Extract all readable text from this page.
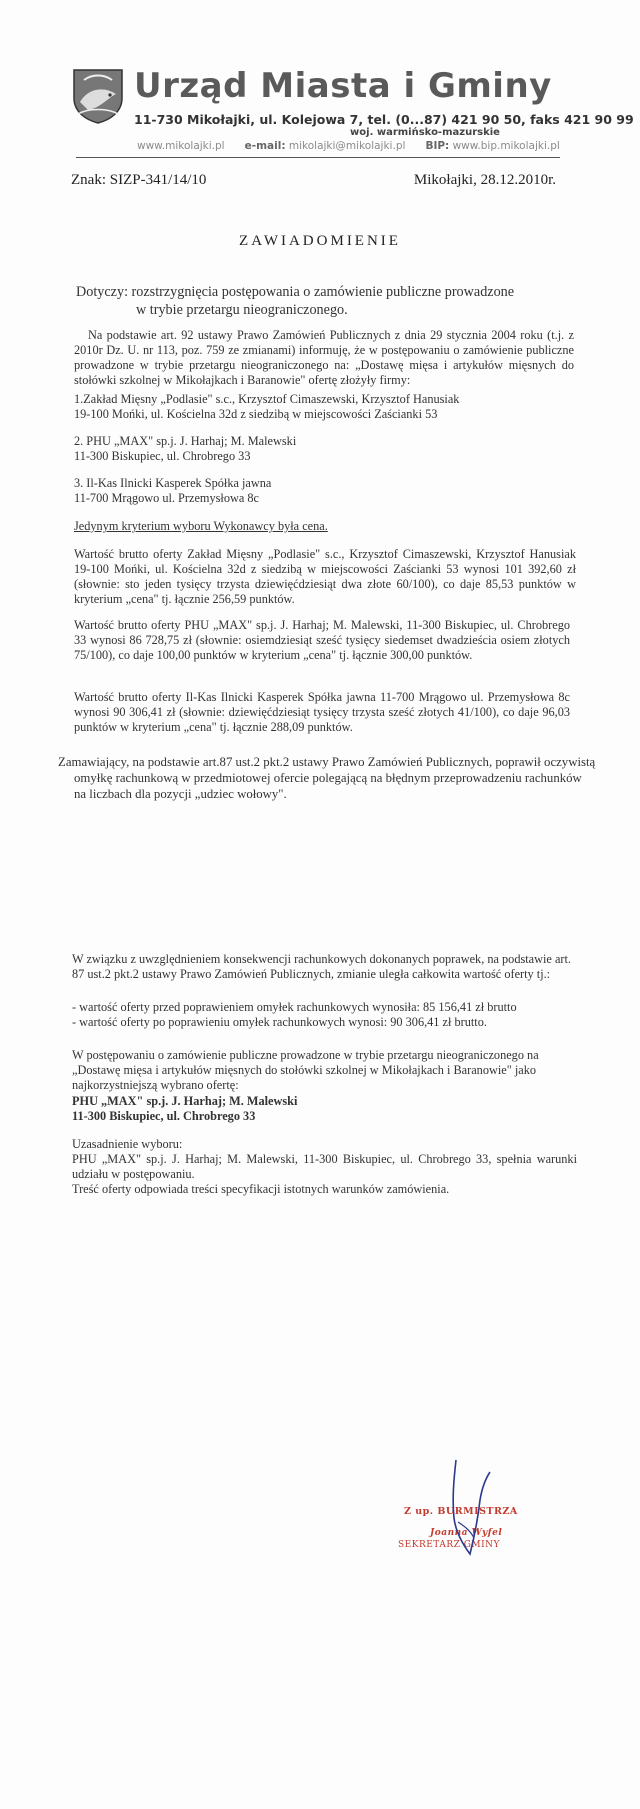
Urząd Miasta i Gminy
11-730 Mikołajki, ul. Kolejowa 7, tel. (0...87) 421 90 50, faks 421 90 99
woj. warmińsko-mazurskie
www.mikolajki.pl e-mail: mikolajki@mikolajki.pl BIP: www.bip.mikolajki.pl
Znak: SIZP-341/14/10	Mikołajki, 28.12.2010r.
ZAWIADOMIENIE
Dotyczy: rozstrzygnięcia postępowania o zamówienie publiczne prowadzone
w trybie przetargu nieograniczonego.

Na podstawie art. 92 ustawy Prawo Zamówień Publicznych z dnia 29 stycznia 2004 roku (t.j. z 2010r Dz. U. nr 113, poz. 759 ze zmianami) informuję, że w postępowaniu o zamówienie publiczne prowadzone w trybie przetargu nieograniczonego na: „Dostawę mięsa i artykułów mięsnych do stołówki szkolnej w Mikołajkach i Baranowie" ofertę złożyły firmy:

1.Zakład Mięsny „Podlasie" s.c., Krzysztof Cimaszewski, Krzysztof Hanusiak
19-100 Mońki, ul. Kościelna 32d z siedzibą w miejscowości Zaścianki 53
2. PHU „MAX" sp.j. J. Harhaj; M. Malewski
11-300 Biskupiec, ul. Chrobrego 33
3. Il-Kas Ilnicki Kasperek Spółka jawna
11-700 Mrągowo ul. Przemysłowa 8c
Jedynym kryterium wyboru Wykonawcy była cena.

Wartość brutto oferty Zakład Mięsny „Podlasie" s.c., Krzysztof Cimaszewski, Krzysztof Hanusiak 19-100 Mońki, ul. Kościelna 32d z siedzibą w miejscowości Zaścianki 53 wynosi 101 392,60 zł (słownie: sto jeden tysięcy trzysta dziewięćdziesiąt dwa złote 60/100), co daje 85,53 punktów w kryterium „cena" tj. łącznie 256,59 punktów.

Wartość brutto oferty PHU „MAX" sp.j. J. Harhaj; M. Malewski, 11-300 Biskupiec, ul. Chrobrego 33 wynosi 86 728,75 zł (słownie: osiemdziesiąt sześć tysięcy siedemset dwadzieścia osiem złotych 75/100), co daje 100,00 punktów w kryterium „cena" tj. łącznie 300,00 punktów.

Wartość brutto oferty Il-Kas Ilnicki Kasperek Spółka jawna 11-700 Mrągowo ul. Przemysłowa 8c wynosi 90 306,41 zł (słownie: dziewięćdziesiąt tysięcy trzysta sześć złotych 41/100), co daje 96,03 punktów w kryterium „cena" tj. łącznie 288,09 punktów.

Zamawiający, na podstawie art.87 ust.2 pkt.2 ustawy Prawo Zamówień Publicznych, poprawił oczywistą omyłkę rachunkową w przedmiotowej ofercie polegającą na błędnym przeprowadzeniu rachunków na liczbach dla pozycji „udziec wołowy".

W związku z uwzględnieniem konsekwencji rachunkowych dokonanych poprawek, na podstawie art. 87 ust.2 pkt.2 ustawy Prawo Zamówień Publicznych, zmianie uległa całkowita wartość oferty tj.:

- wartość oferty przed poprawieniem omyłek rachunkowych wynosiła: 85 156,41 zł brutto
- wartość oferty po poprawieniu omyłek rachunkowych wynosi: 90 306,41 zł brutto.

W postępowaniu o zamówienie publiczne prowadzone w trybie przetargu nieograniczonego na „Dostawę mięsa i artykułów mięsnych do stołówki szkolnej w Mikołajkach i Baranowie" jako najkorzystniejszą wybrano ofertę:

PHU „MAX" sp.j. J. Harhaj; M. Malewski
11-300 Biskupiec, ul. Chrobrego 33
Uzasadnienie wyboru:

PHU „MAX" sp.j. J. Harhaj; M. Malewski, 11-300 Biskupiec, ul. Chrobrego 33, spełnia warunki udziału w postępowaniu.

Treść oferty odpowiada treści specyfikacji istotnych warunków zamówienia.
Z up. BURMISTRZA
Joanna Wyfel
SEKRETARZ GMINY
